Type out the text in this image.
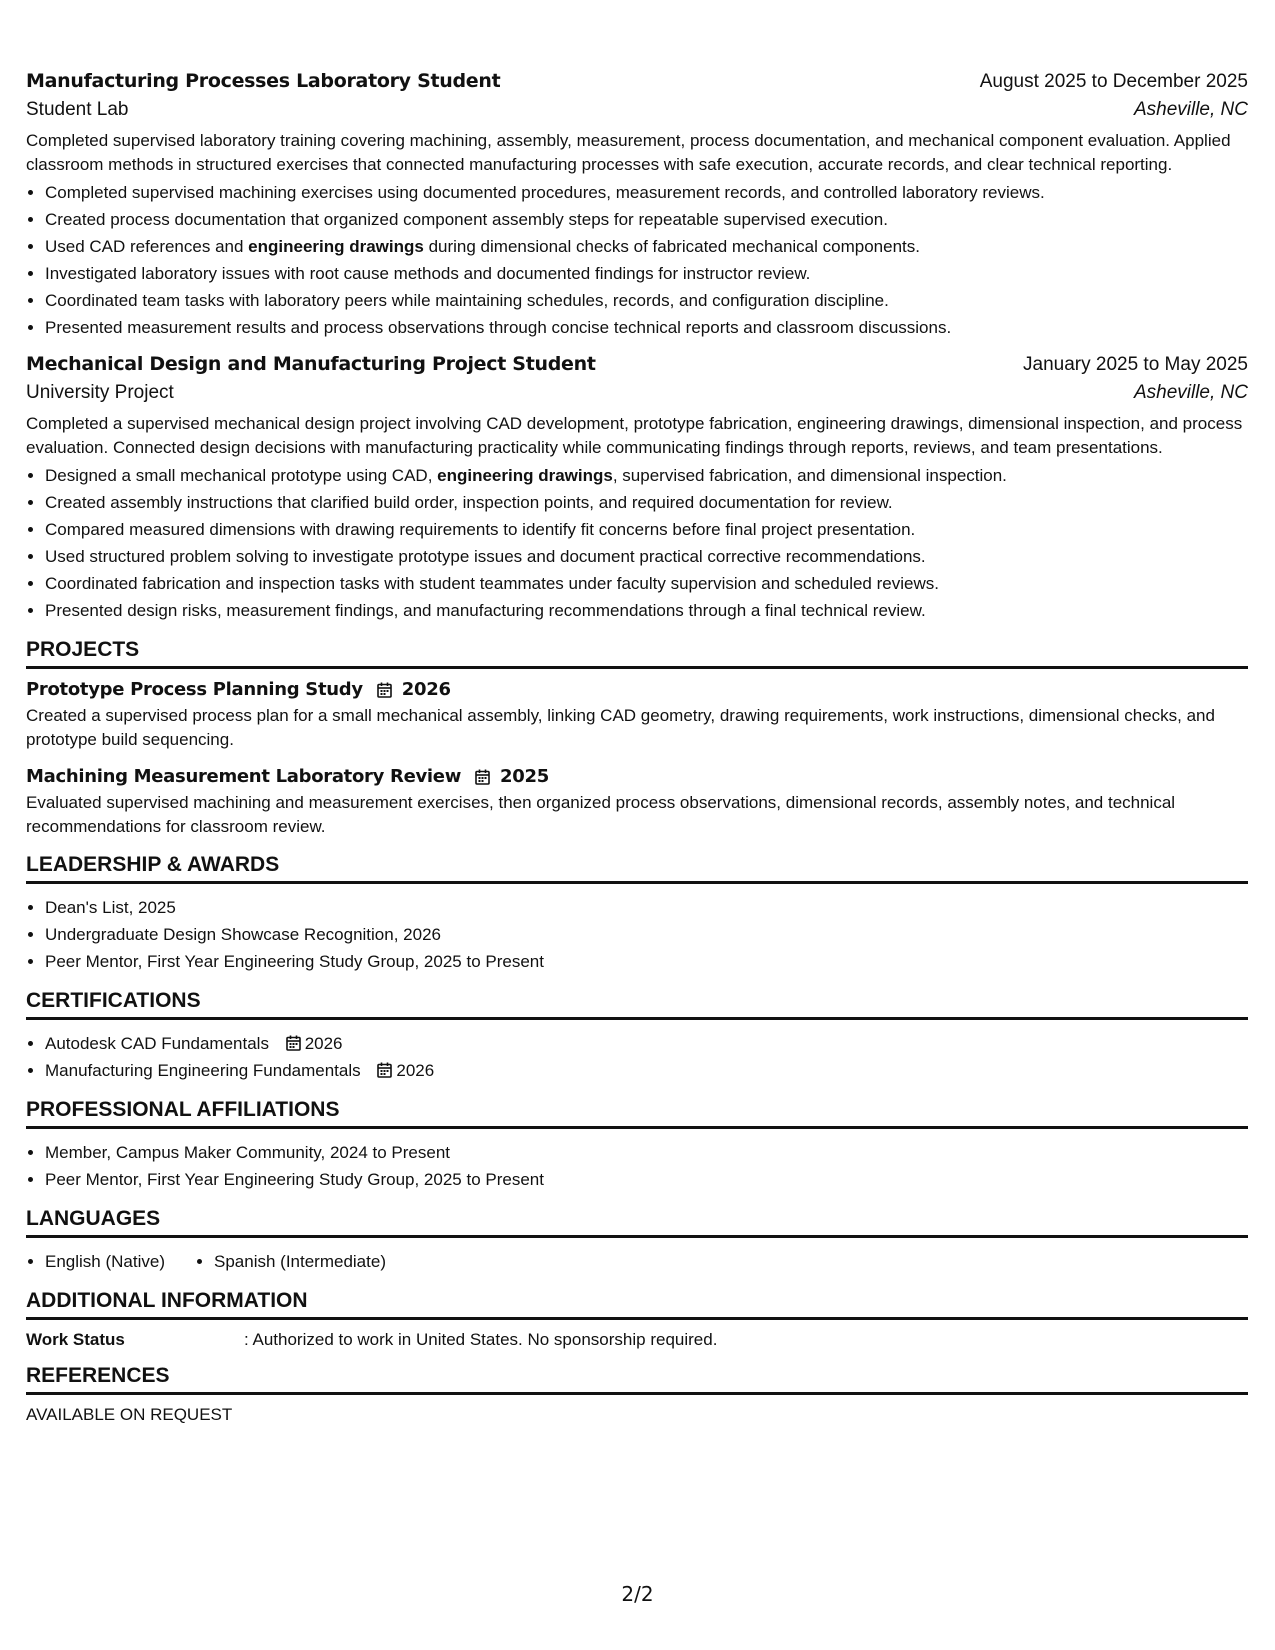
Manufacturing Processes Laboratory Student	August 2025 to December 2025
Student Lab	Asheville, NC
Completed supervised laboratory training covering machining, assembly, measurement, process documentation, and mechanical component evaluation. Applied classroom methods in structured exercises that connected manufacturing processes with safe execution, accurate records, and clear technical reporting.
• Completed supervised machining exercises using documented procedures, measurement records, and controlled laboratory reviews.
• Created process documentation that organized component assembly steps for repeatable supervised execution.
• Used CAD references and engineering drawings during dimensional checks of fabricated mechanical components.
• Investigated laboratory issues with root cause methods and documented findings for instructor review.
• Coordinated team tasks with laboratory peers while maintaining schedules, records, and configuration discipline.
• Presented measurement results and process observations through concise technical reports and classroom discussions.
Mechanical Design and Manufacturing Project Student	January 2025 to May 2025
University Project	Asheville, NC
Completed a supervised mechanical design project involving CAD development, prototype fabrication, engineering drawings, dimensional inspection, and process evaluation. Connected design decisions with manufacturing practicality while communicating findings through reports, reviews, and team presentations.
• Designed a small mechanical prototype using CAD, engineering drawings, supervised fabrication, and dimensional inspection.
• Created assembly instructions that clarified build order, inspection points, and required documentation for review.
• Compared measured dimensions with drawing requirements to identify fit concerns before final project presentation.
• Used structured problem solving to investigate prototype issues and document practical corrective recommendations.
• Coordinated fabrication and inspection tasks with student teammates under faculty supervision and scheduled reviews.
• Presented design risks, measurement findings, and manufacturing recommendations through a final technical review.
PROJECTS
Prototype Process Planning Study 2026
Created a supervised process plan for a small mechanical assembly, linking CAD geometry, drawing requirements, work instructions, dimensional checks, and prototype build sequencing.
Machining Measurement Laboratory Review 2025
Evaluated supervised machining and measurement exercises, then organized process observations, dimensional records, assembly notes, and technical recommendations for classroom review.
LEADERSHIP & AWARDS
• Dean's List, 2025
• Undergraduate Design Showcase Recognition, 2026
• Peer Mentor, First Year Engineering Study Group, 2025 to Present
CERTIFICATIONS
• Autodesk CAD Fundamentals 2026
• Manufacturing Engineering Fundamentals 2026
PROFESSIONAL AFFILIATIONS
• Member, Campus Maker Community, 2024 to Present
• Peer Mentor, First Year Engineering Study Group, 2025 to Present
LANGUAGES
• English (Native)
•	Spanish (Intermediate)
ADDITIONAL INFORMATION
Work Status	: Authorized to work in United States. No sponsorship required.
REFERENCES
AVAILABLE ON REQUEST
2/2
